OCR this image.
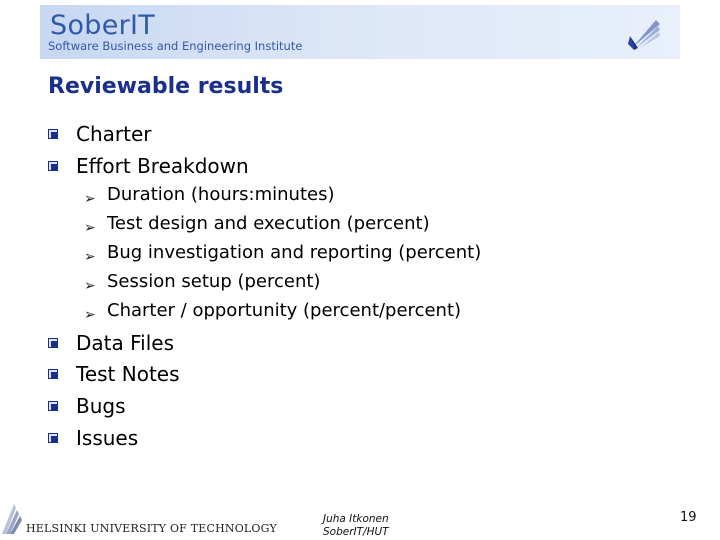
SoberIT
Software Business and Engineering Institute
Reviewable results
Charter
Effort Breakdown
➢ Duration (hours:minutes)
➢ Test design and execution (percent)
➢ Bug investigation and reporting (percent)
➢ Session setup (percent)
➢ Charter / opportunity (percent/percent)
Data Files
Test Notes
Bugs
Issues
HELSINKI UNIVERSITY OF TECHNOLOGY
Juha Itkonen
SoberIT/HUT
19
